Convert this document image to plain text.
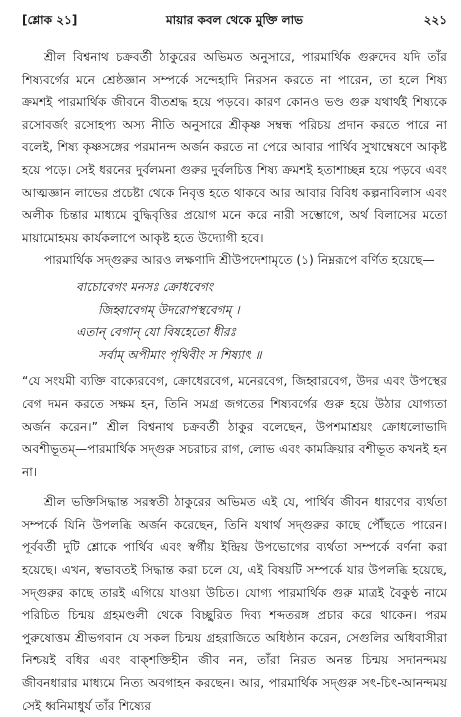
[শ্লোক ২১]	মায়ার কবল থেকে মুক্তি লাভ	২২১

শ্রীল বিশ্বনাথ চক্রবর্তী ঠাকুরের অভিমত অনুসারে, পারমার্থিক গুরুদেব যদি তাঁর শিষ্যবর্গের মনে শ্রেষ্ঠজ্ঞান সম্পর্কে সন্দেহাদি নিরসন করতে না পারেন, তা হলে শিষ্য ক্রমশই পারমার্থিক জীবনে বীতশ্রদ্ধ হয়ে পড়বে। কারণ কোনও ভণ্ড গুরু যথার্থই শিষ্যকে রসোবর্জং রসোহপ্য অস্য নীতি অনুসারে শ্রীকৃষ্ণ সম্বন্ধ পরিচয় প্রদান করতে পারে না বলেই, শিষ্য কৃষ্ণসঙ্গের পরমানন্দ অর্জন করতে না পেরে আবার পার্থিব সুখাম্বেষণে আকৃষ্ট হয়ে পড়ে। সেই ধরনের দুর্বলমনা গুরুর দুর্বলচিত্ত শিষ্য ক্রমশই হতাশাচ্ছন্ন হয়ে পড়বে এবং আত্মজ্ঞান লাভের প্রচেষ্টা থেকে নিবৃত্ত হতে থাকবে আর আবার বিবিধ কল্পনাবিলাস এবং অলীক চিন্তার মাধ্যমে বুদ্ধিবৃত্তির প্রয়োগ মনে করে নারী সম্ভোগে, অর্থ বিলাসের মতো মায়ামোহময় কার্যকলাপে আকৃষ্ট হতে উদ্যোগী হবে।

পারমার্থিক সদ্গুরুর আরও লক্ষণাদি শ্রীউপদেশামৃতে (১) নিম্নরূপে বর্ণিত হয়েছে—

বাচোবেগং মনসঃ ক্রোধবেগং
জিহ্বাবেগম্ উদরোপস্থবেগম্ ।
এতান্ বেগান্ যো বিষহেতো ধীরঃ
সর্বাম্ অপীমাং পৃথিবীং স শিষ্যাৎ ॥

“যে সংযমী ব্যক্তি বাক্যেরবেগ, ক্রোধেরবেগ, মনেরবেগ, জিহ্বারবেগ, উদর এবং উপস্থের বেগ দমন করতে সক্ষম হন, তিনি সমগ্র জগতের শিষ্যবর্গের গুরু হয়ে উঠার যোগ্যতা অর্জন করেন।” শ্রীল বিশ্বনাথ চক্রবর্তী ঠাকুর বলেছেন, উপশমাশ্রয়ং ক্রোধলোভাদি অবশীভূতম্—পারমার্থিক সদ্গুরু সচরাচর রাগ, লোভ এবং কামক্রিয়ার বশীভূত কখনই হন না।

শ্রীল ভক্তিসিদ্ধান্ত সরস্বতী ঠাকুরের অভিমত এই যে, পার্থিব জীবন ধারণের ব্যর্থতা সম্পর্কে যিনি উপলব্ধি অর্জন করেছেন, তিনি যথার্থ সদ্গুরুর কাছে পৌঁছতে পারেন। পূর্ববর্তী দুটি শ্লোকে পার্থিব এবং স্বর্গীয় ইন্দ্রিয় উপভোগের ব্যর্থতা সম্পর্কে বর্ণনা করা হয়েছে। এখন, স্বভাবতই সিদ্ধান্ত করা চলে যে, এই বিষয়টি সম্পর্কে যার উপলব্ধি হয়েছে, সদ্গুরুর কাছে তারই এগিয়ে যাওয়া উচিত। যোগ্য পারমার্থিক গুরু মাত্রই বৈকুণ্ঠ নামে পরিচিত চিন্ময় গ্রহমণ্ডলী থেকে বিচ্ছুরিত দিব্য শব্দতরঙ্গ প্রচার করে থাকেন। পরম পুরুষোত্তম শ্রীভগবান যে সকল চিন্ময় গ্রহরাজিতে অধিষ্ঠান করেন, সেগুলির অধিবাসীরা নিশ্চয়ই বধির এবং বাক্শক্তিহীন জীব নন, তাঁরা নিরত অনন্ত চিন্ময় সদানন্দময় জীবনধারার মাধ্যমে নিত্য অবগাহন করছেন। আর, পারমার্থিক সদ্গুরু সৎ-চিৎ-আনন্দময় সেই ধ্বনিমাধুর্য তাঁর শিষ্যের
